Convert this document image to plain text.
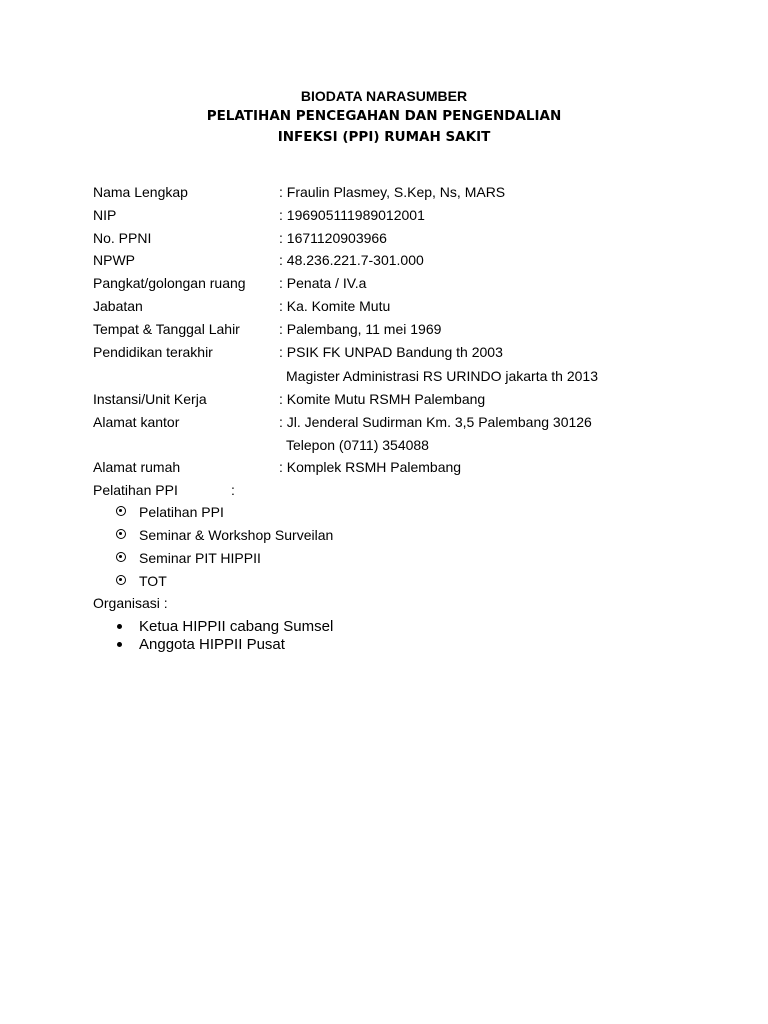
BIODATA NARASUMBER
PELATIHAN PENCEGAHAN DAN PENGENDALIAN
INFEKSI (PPI) RUMAH SAKIT
Nama Lengkap	: Fraulin Plasmey, S.Kep, Ns, MARS
NIP	: 196905111989012001
No. PPNI	: 1671120903966
NPWP	: 48.236.221.7-301.000
Pangkat/golongan ruang : Penata / IV.a
Jabatan	: Ka. Komite Mutu
Tempat & Tanggal Lahir	: Palembang, 11 mei 1969
Pendidikan terakhir	: PSIK FK UNPAD Bandung th 2003
Magister Administrasi RS URINDO jakarta th 2013
Instansi/Unit Kerja	: Komite Mutu RSMH Palembang
Alamat kantor	: Jl. Jenderal Sudirman Km. 3,5 Palembang 30126
Telepon (0711) 354088
Alamat rumah	: Komplek RSMH Palembang
Pelatihan PPI	:
Pelatihan PPI
Seminar & Workshop Surveilan
Seminar PIT HIPPII
TOT
Organisasi :
Ketua HIPPII cabang Sumsel
Anggota HIPPII Pusat
